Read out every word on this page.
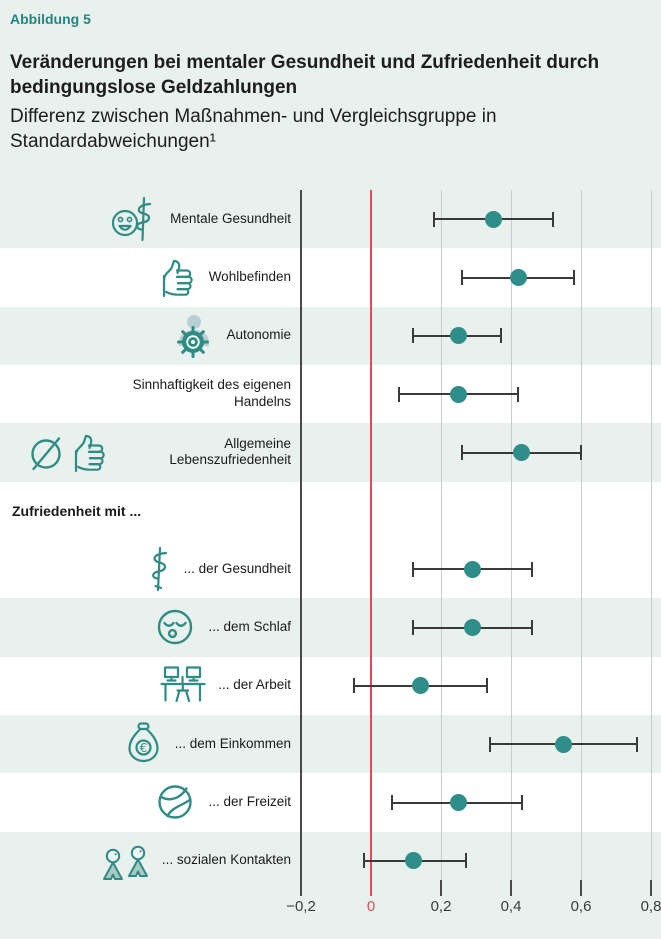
Abbildung 5
Veränderungen bei mentaler Gesundheit und Zufriedenheit durch bedingungslose Geldzahlungen
Differenz zwischen Maßnahmen- und Vergleichsgruppe in Standardabweichungen¹
−0,2	0	0,2	0,4	0,6	0,8
Mentale Gesundheit
Wohlbefinden
Autonomie
Sinnhaftigkeit des eigenen Handelns
Allgemeine Lebenszufriedenheit
Zufriedenheit mit ...
... der Gesundheit
... dem Schlaf
... der Arbeit
€ ... dem Einkommen
... der Freizeit
... sozialen Kontakten
